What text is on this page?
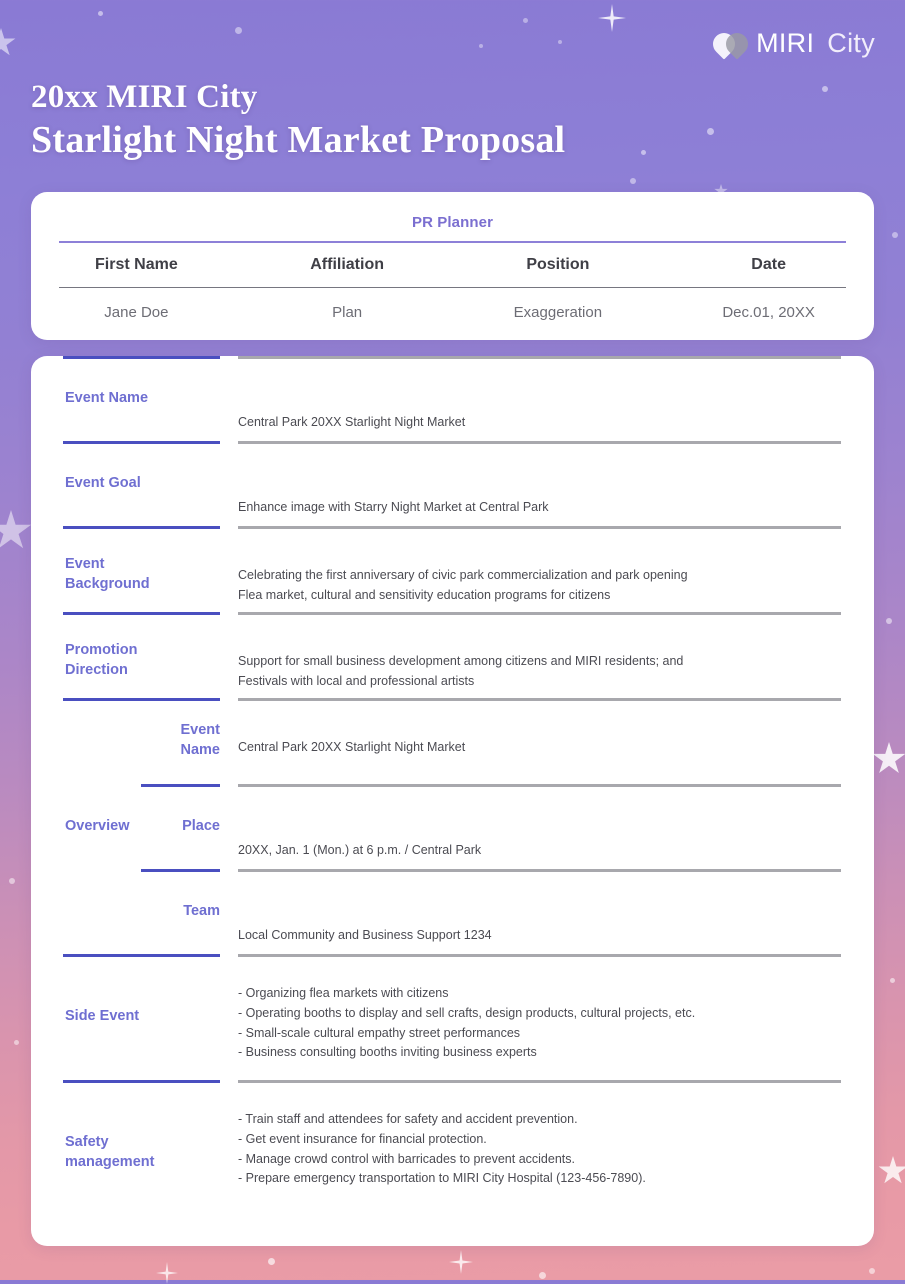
MIRI City
20xx MIRI City
Starlight Night Market Proposal
PR Planner
First Name	Affiliation	Position	Date
Jane Doe	Plan	Exaggeration	Dec.01, 20XX
Event Name
Central Park 20XX Starlight Night Market
Event Goal
Enhance image with Starry Night Market at Central Park
Event
Background
Celebrating the first anniversary of civic park commercialization and park opening
Flea market, cultural and sensitivity education programs for citizens
Promotion
Direction
Support for small business development among citizens and MIRI residents; and
Festivals with local and professional artists
Overview
Event
Name Central Park 20XX Starlight Night Market
Place
20XX, Jan. 1 (Mon.) at 6 p.m. / Central Park
Team
Local Community and Business Support 1234
Side Event
- Organizing flea markets with citizens
- Operating booths to display and sell crafts, design products, cultural projects, etc.
- Small-scale cultural empathy street performances
- Business consulting booths inviting business experts
Safety
management
- Train staff and attendees for safety and accident prevention.
- Get event insurance for financial protection.
- Manage crowd control with barricades to prevent accidents.
- Prepare emergency transportation to MIRI City Hospital (123-456-7890).
